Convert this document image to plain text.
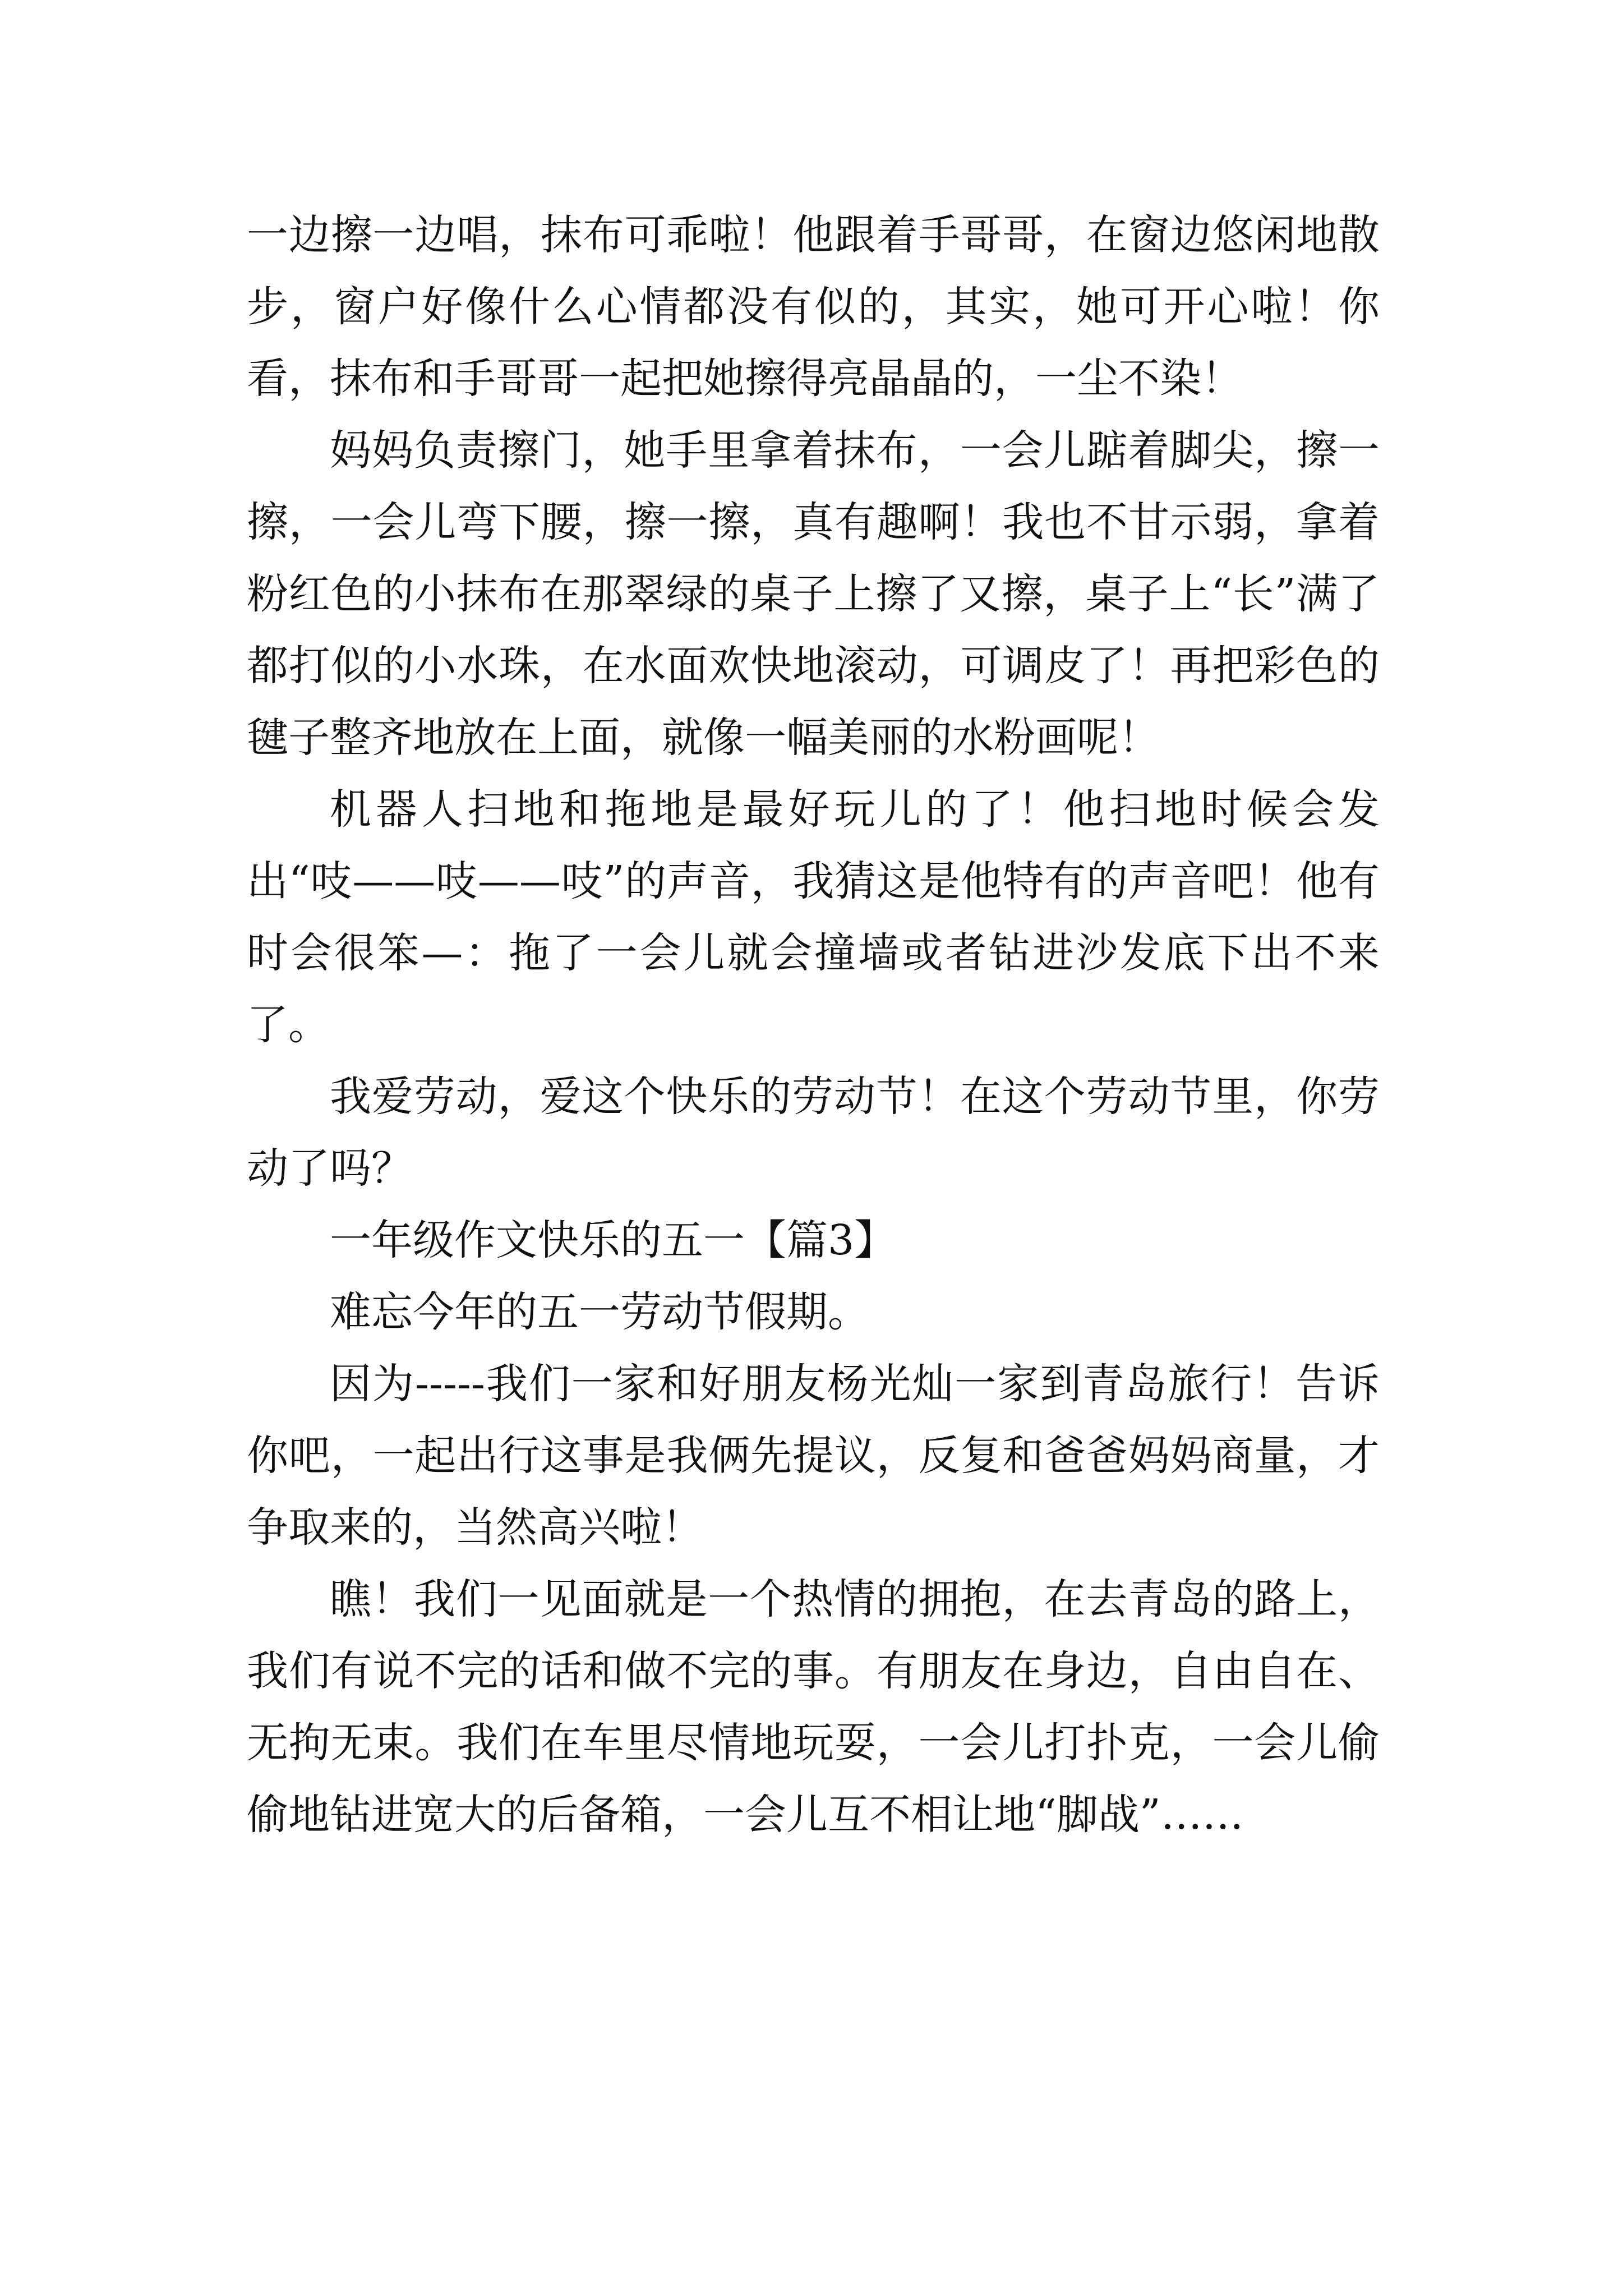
一边擦一边唱，抹布可乖啦！他跟着手哥哥，在窗边悠闲地散步，窗户好像什么心情都没有似的，其实，她可开心啦！你看，抹布和手哥哥一起把她擦得亮晶晶的，一尘不染！

妈妈负责擦门，她手里拿着抹布，一会儿踮着脚尖，擦一擦，一会儿弯下腰，擦一擦，真有趣啊！我也不甘示弱，拿着粉红色的小抹布在那翠绿的桌子上擦了又擦，桌子上“长”满了都打似的小水珠，在水面欢快地滚动，可调皮了！再把彩色的毽子整齐地放在上面，就像一幅美丽的水粉画呢！

机器人扫地和拖地是最好玩儿的了！他扫地时候会发出“吱——吱——吱”的声音，我猜这是他特有的声音吧！他有时会很笨—：拖了一会儿就会撞墙或者钻进沙发底下出不来了。

我爱劳动，爱这个快乐的劳动节！在这个劳动节里，你劳动了吗？

一年级作文快乐的五一【篇3】

难忘今年的五一劳动节假期。

因为-----我们一家和好朋友杨光灿一家到青岛旅行！告诉你吧，一起出行这事是我俩先提议，反复和爸爸妈妈商量，才争取来的，当然高兴啦！

瞧！我们一见面就是一个热情的拥抱，在去青岛的路上，我们有说不完的话和做不完的事。有朋友在身边，自由自在、无拘无束。我们在车里尽情地玩耍，一会儿打扑克，一会儿偷偷地钻进宽大的后备箱，一会儿互不相让地“脚战”……
